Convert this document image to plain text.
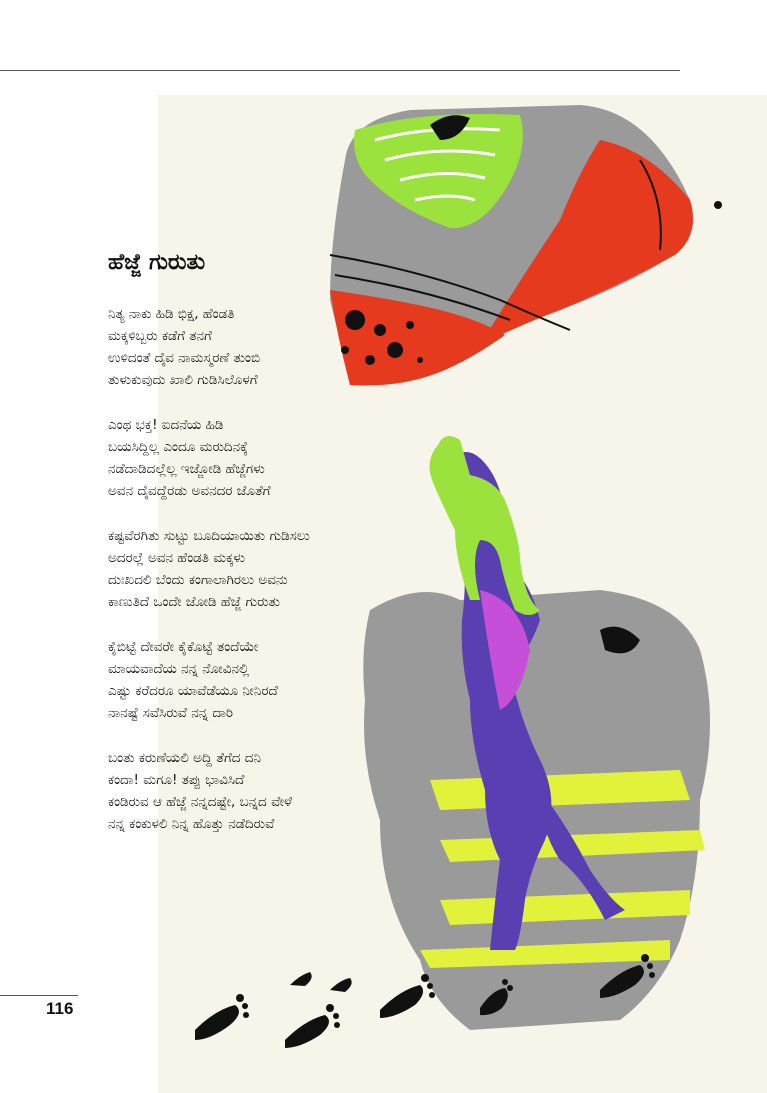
116
ಹೆಜ್ಜೆ ಗುರುತು
ನಿತ್ಯ ನಾಕು ಹಿಡಿ ಭಿಕ್ಷ, ಹೆಂಡತಿ
ಮಕ್ಕಳಿಬ್ಬರು ಕಡೆಗೆ ತನಗೆ
ಉಳಿದಂತೆ ದೈವ ನಾಮಸ್ಮರಣೆ ತುಂಬಿ
ತುಳುಕುವುದು ಖಾಲಿ ಗುಡಿಸಿಲೊಳಗೆ
ಎಂಥ ಭಕ್ತ! ಐದನೆಯ ಹಿಡಿ
ಬಯಸಿದ್ದಿಲ್ಲ ಎಂದೂ ಮರುದಿನಕ್ಕೆ
ನಡೆದಾಡಿದಲ್ಲೆಲ್ಲ ಇಜ್ಜೋಡಿ ಹೆಜ್ಜೆಗಳು
ಅವನ ದೈವದ್ದೆರಡು ಅವನದರ ಜೊತೆಗೆ
ಕಷ್ಟವೆರಗಿತು ಸುಟ್ಟು ಬೂದಿಯಾಯಿತು ಗುಡಿಸಲು
ಅದರಲ್ಲೆ ಅವನ ಹೆಂಡತಿ ಮಕ್ಕಳು
ದುಃಖದಲಿ ಬೆಂದು ಕಂಗಾಲಾಗಿರಲು ಅವನು
ಕಾಣುತಿದೆ ಒಂದೇ ಜೋಡಿ ಹೆಜ್ಜೆ ಗುರುತು
ಕೈಬಿಟ್ಟೆ ದೇವರೇ ಕೈಕೊಟ್ಟೆ ತಂದೆಯೇ
ಮಾಯವಾದೆಯ ನನ್ನ ನೋವಿನಲ್ಲಿ
ಎಷ್ಟು ಕರೆದರೂ ಯಾವೆಡೆಯೂ ನೀನಿರದೆ
ನಾನಷ್ಟೆ ಸವೆಸಿರುವೆ ನನ್ನ ದಾರಿ
ಬಂತು ಕರುಣೆಯಲಿ ಅದ್ದಿ ತೆಗೆದ ದನಿ
ಕಂದಾ! ಮಗೂ! ತಪ್ಪು ಭಾವಿಸಿದೆ
ಕಂಡಿರುವ ಆ ಹೆಜ್ಜೆ ನನ್ನದಷ್ಟೇ, ಬನ್ನದ ವೇಳೆ
ನನ್ನ ಕಂಕುಳಲಿ ನಿನ್ನ ಹೊತ್ತು ನಡೆದಿರುವೆ
